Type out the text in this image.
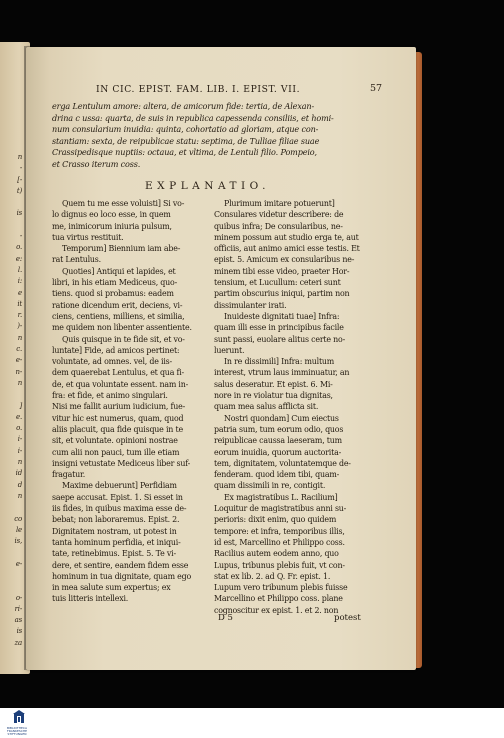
n
-
[-
t)

is

-
o.
e:
l.
i:
e
it
r.
)-
n
c.
e-
n-
n

]
e.
o.
i-
i-
n
id
d
n

co
le
is,

e-

o-
ri-
as
is
za
IN CIC. EPIST. FAM. LIB. I. EPIST. VII.	57
erga Lentulum amore: altera, de amicorum fide: tertia, de Alexan-
drina c ussa: quarta, de suis in republica capessenda consiliis, et homi-
num consularium inuidia: quinta, cohortatio ad gloriam, atque con-
stantiam: sexta, de reipublicae statu: septima, de Tulliae filiae suae
Crassipedisque nuptiis: octaua, et vltima, de Lentuli filio. Pompeio,
et Crasso iterum coss.
EXPLANATIO.
Quem tu me esse voluisti] Si vo-
lo dignus eo loco esse, in quem
me, inimicorum iniuria pulsum,
tua virtus restituit.
Temporum] Biennium iam abe-
rat Lentulus.
Quoties] Antiqui et lapides, et
libri, in his etiam Mediceus, quo-
tiens. quod si probamus: eadem
ratione dicendum erit, deciens, vi-
ciens, centiens, milliens, et similia,
me quidem non libenter assentiente.
Quis quisque in te fide sit, et vo-
luntate] Fide, ad amicos pertinet:
voluntate, ad omnes. vel, de iis-
dem quaerebat Lentulus, et qua fi-
de, et qua voluntate essent. nam in-
fra: et fide, et animo singulari.
Nisi me fallit aurium iudicium, fue-
vitur hic est numerus, quam, quod
aliis placuit, qua fide quisque in te
sit, et voluntate. opinioni nostrae
cum alii non pauci, tum ille etiam
insigni vetustate Mediceus liber suf-
fragatur.
Maxime debuerunt] Perfidiam
saepe accusat. Epist. 1. Si esset in
iis fides, in quibus maxima esse de-
bebat; non laboraremus. Epist. 2.
Dignitatem nostram, ut potest in
tanta hominum perfidia, et iniqui-
tate, retinebimus. Epist. 5. Te vi-
dere, et sentire, eandem fidem esse
hominum in tua dignitate, quam ego
in mea salute sum expertus; ex
tuis litteris intellexi.
Plurimum imitare potuerunt]
Consulares videtur describere: de
quibus infra; De consularibus, ne-
minem possum aut studio erga te, aut
officiis, aut animo amici esse testis. Et
epist. 5. Amicum ex consularibus ne-
minem tibi esse video, praeter Hor-
tensium, et Lucullum: ceteri sunt
partim obscurius iniqui, partim non
dissimulanter irati.
Inuideste dignitati tuae] Infra:
quam illi esse in principibus facile
sunt passi, euolare alitus certe no-
luerunt.
In re dissimili] Infra: multum
interest, vtrum laus imminuatur, an
salus deseratur. Et epist. 6. Mi-
nore in re violatur tua dignitas,
quam mea salus afflicta sit.
Nostri quondam] Cum eiectus
patria sum, tum eorum odio, quos
reipublicae caussa laeseram, tum
eorum inuidia, quorum auctorita-
tem, dignitatem, voluntatemque de-
fenderam. quod idem tibi, quam-
quam dissimili in re, contigit.
Ex magistratibus L. Racilium]
Loquitur de magistratibus anni su-
perioris: dixit enim, quo quidem
tempore: et infra, temporibus illis,
id est, Marcellino et Philippo coss.
Racilius autem eodem anno, quo
Lupus, tribunus plebis fuit, vt con-
stat ex lib. 2. ad Q. Fr. epist. 1.
Lupum vero tribunum plebis fuisse
Marcellino et Philippo coss. plane
cognoscitur ex epist. 1. et 2. non
D 5	potest
BIBLIOTHECA
FRANKESCHE
STIFTUNGEN
